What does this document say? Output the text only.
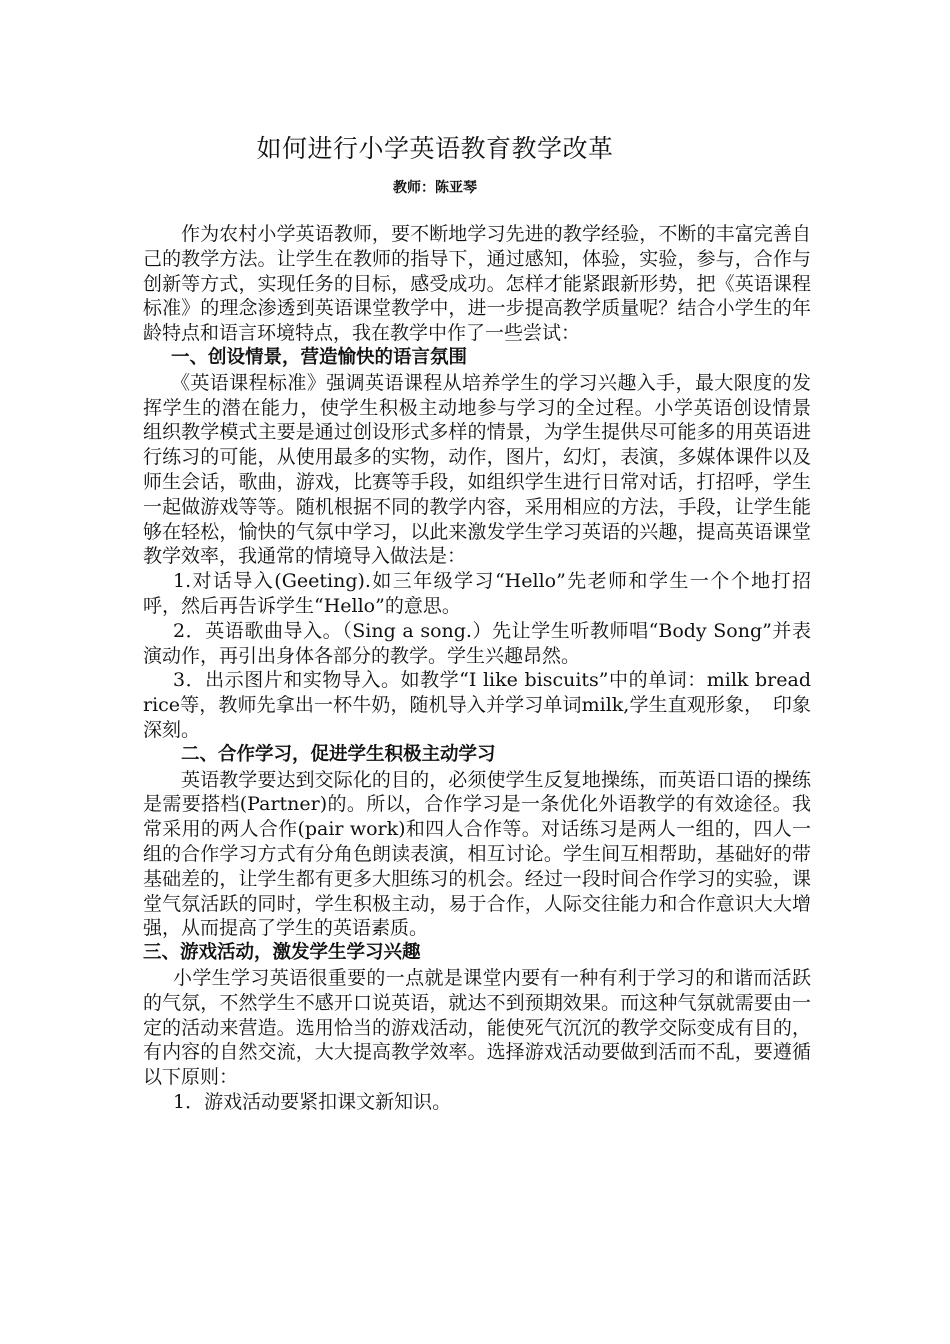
如何进行小学英语教育教学改革
教师：陈亚琴

作为农村小学英语教师，要不断地学习先进的教学经验，不断的丰富完善自己的教学方法。让学生在教师的指导下，通过感知，体验，实验，参与，合作与创新等方式，实现任务的目标，感受成功。怎样才能紧跟新形势，把《英语课程标准》的理念渗透到英语课堂教学中，进一步提高教学质量呢？结合小学生的年龄特点和语言环境特点，我在教学中作了一些尝试：

一、创设情景，营造愉快的语言氛围

《英语课程标准》强调英语课程从培养学生的学习兴趣入手，最大限度的发挥学生的潜在能力，使学生积极主动地参与学习的全过程。小学英语创设情景 组织教学模式主要是通过创设形式多样的情景，为学生提供尽可能多的用英语进行练习的可能，从使用最多的实物，动作，图片，幻灯，表演，多媒体课件以及师生会话，歌曲，游戏，比赛等手段，如组织学生进行日常对话，打招呼，学生一起做游戏等等。随机根据不同的教学内容，采用相应的方法，手段，让学生能够在轻松，愉快的气氛中学习，以此来激发学生学习英语的兴趣，提高英语课堂教学效率，我通常的情境导入做法是：

1.对话导入(Geeting).如三年级学习“Hello”先老师和学生一个个地打招呼，然后再告诉学生“Hello”的意思。

2．英语歌曲导入。（Sing a song.）先让学生听教师唱“Body Song”并表演动作，再引出身体各部分的教学。学生兴趣昂然。

3．出示图片和实物导入。如教学“I like biscuits”中的单词：milk bread rice等，教师先拿出一杯牛奶，随机导入并学习单词milk,学生直观形象，　印象深刻。

二、合作学习，促进学生积极主动学习

英语教学要达到交际化的目的，必须使学生反复地操练，而英语口语的操练是需要搭档(Partner)的。所以，合作学习是一条优化外语教学的有效途径。我常采用的两人合作(pair work)和四人合作等。对话练习是两人一组的，四人一组的合作学习方式有分角色朗读表演，相互讨论。学生间互相帮助，基础好的带基础差的，让学生都有更多大胆练习的机会。经过一段时间合作学习的实验，课堂气氛活跃的同时，学生积极主动，易于合作，人际交往能力和合作意识大大增强，从而提高了学生的英语素质。

三、游戏活动，激发学生学习兴趣

小学生学习英语很重要的一点就是课堂内要有一种有利于学习的和谐而活跃的气氛，不然学生不感开口说英语，就达不到预期效果。而这种气氛就需要由一定的活动来营造。选用恰当的游戏活动，能使死气沉沉的教学交际变成有目的，有内容的自然交流，大大提高教学效率。选择游戏活动要做到活而不乱，要遵循以下原则：

1．游戏活动要紧扣课文新知识。
